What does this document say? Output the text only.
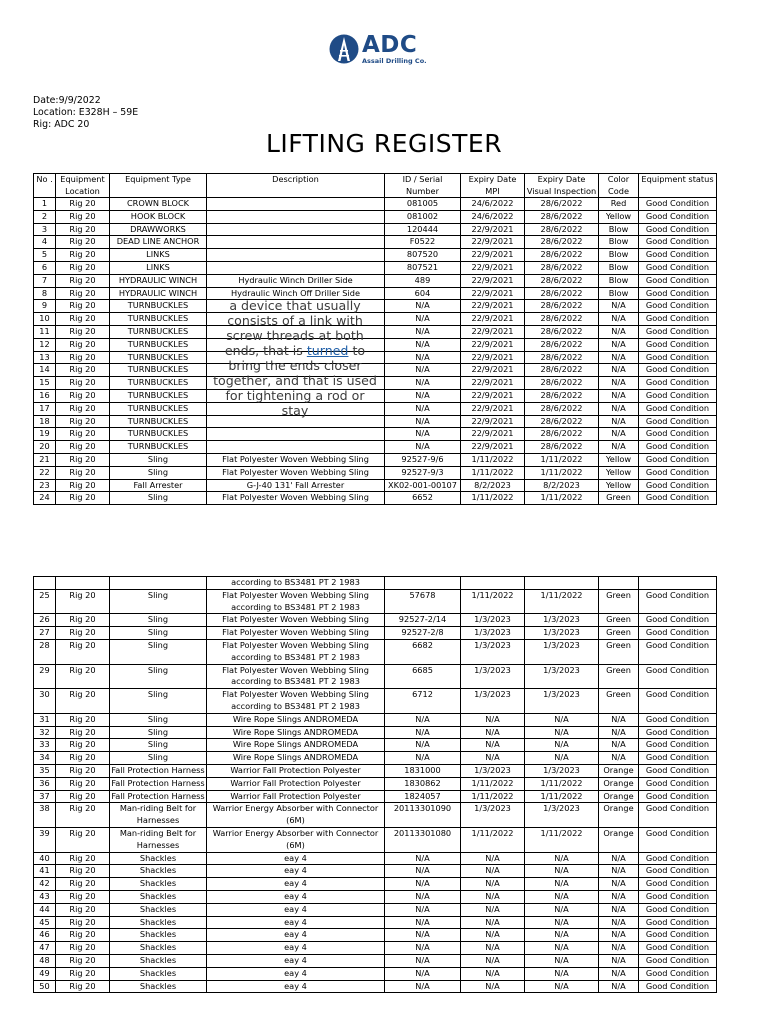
ADC
Assail Drilling Co.
Date:9/9/2022
Location: E328H – 59E
Rig: ADC 20
LIFTING REGISTER
No .	Equipment Location	Equipment Type	Description	ID / Serial Number	Expiry Date MPI	Expiry Date Visual Inspection	Color Code	Equipment status
1	Rig 20	CROWN BLOCK		081005	24/6/2022	28/6/2022	Red	Good Condition
2	Rig 20	HOOK BLOCK		081002	24/6/2022	28/6/2022	Yellow	Good Condition
3	Rig 20	DRAWWORKS		120444	22/9/2021	28/6/2022	Blow	Good Condition
4	Rig 20	DEAD LINE ANCHOR		F0522	22/9/2021	28/6/2022	Blow	Good Condition
5	Rig 20	LINKS		807520	22/9/2021	28/6/2022	Blow	Good Condition
6	Rig 20	LINKS		807521	22/9/2021	28/6/2022	Blow	Good Condition
7	Rig 20	HYDRAULIC WINCH	Hydraulic Winch Driller Side	489	22/9/2021	28/6/2022	Blow	Good Condition
8	Rig 20	HYDRAULIC WINCH	Hydraulic Winch Off Driller Side	604	22/9/2021	28/6/2022	Blow	Good Condition
9	Rig 20	TURNBUCKLES		N/A	22/9/2021	28/6/2022	N/A	Good Condition
10	Rig 20	TURNBUCKLES		N/A	22/9/2021	28/6/2022	N/A	Good Condition
11	Rig 20	TURNBUCKLES		N/A	22/9/2021	28/6/2022	N/A	Good Condition
12	Rig 20	TURNBUCKLES		N/A	22/9/2021	28/6/2022	N/A	Good Condition
13	Rig 20	TURNBUCKLES		N/A	22/9/2021	28/6/2022	N/A	Good Condition
14	Rig 20	TURNBUCKLES		N/A	22/9/2021	28/6/2022	N/A	Good Condition
15	Rig 20	TURNBUCKLES		N/A	22/9/2021	28/6/2022	N/A	Good Condition
16	Rig 20	TURNBUCKLES		N/A	22/9/2021	28/6/2022	N/A	Good Condition
17	Rig 20	TURNBUCKLES		N/A	22/9/2021	28/6/2022	N/A	Good Condition
18	Rig 20	TURNBUCKLES		N/A	22/9/2021	28/6/2022	N/A	Good Condition
19	Rig 20	TURNBUCKLES		N/A	22/9/2021	28/6/2022	N/A	Good Condition
20	Rig 20	TURNBUCKLES		N/A	22/9/2021	28/6/2022	N/A	Good Condition
21	Rig 20	Sling	Flat Polyester Woven Webbing Sling	92527-9/6	1/11/2022	1/11/2022	Yellow	Good Condition
22	Rig 20	Sling	Flat Polyester Woven Webbing Sling	92527-9/3	1/11/2022	1/11/2022	Yellow	Good Condition
23	Rig 20	Fall Arrester	G-J-40 131' Fall Arrester	XK02-001-00107	8/2/2023	8/2/2023	Yellow	Good Condition
24	Rig 20	Sling	Flat Polyester Woven Webbing Sling	6652	1/11/2022	1/11/2022	Green	Good Condition
a device that usually consists of a link with screw threads at both ends, that is turned to bring the ends closer together, and that is used for tightening a rod or stay
			according to BS3481 PT 2 1983					
25	Rig 20	Sling	Flat Polyester Woven Webbing Sling according to BS3481 PT 2 1983	57678	1/11/2022	1/11/2022	Green	Good Condition
26	Rig 20	Sling	Flat Polyester Woven Webbing Sling	92527-2/14	1/3/2023	1/3/2023	Green	Good Condition
27	Rig 20	Sling	Flat Polyester Woven Webbing Sling	92527-2/8	1/3/2023	1/3/2023	Green	Good Condition
28	Rig 20	Sling	Flat Polyester Woven Webbing Sling according to BS3481 PT 2 1983	6682	1/3/2023	1/3/2023	Green	Good Condition
29	Rig 20	Sling	Flat Polyester Woven Webbing Sling according to BS3481 PT 2 1983	6685	1/3/2023	1/3/2023	Green	Good Condition
30	Rig 20	Sling	Flat Polyester Woven Webbing Sling according to BS3481 PT 2 1983	6712	1/3/2023	1/3/2023	Green	Good Condition
31	Rig 20	Sling	Wire Rope Slings ANDROMEDA	N/A	N/A	N/A	N/A	Good Condition
32	Rig 20	Sling	Wire Rope Slings ANDROMEDA	N/A	N/A	N/A	N/A	Good Condition
33	Rig 20	Sling	Wire Rope Slings ANDROMEDA	N/A	N/A	N/A	N/A	Good Condition
34	Rig 20	Sling	Wire Rope Slings ANDROMEDA	N/A	N/A	N/A	N/A	Good Condition
35	Rig 20	Fall Protection Harness	Warrior Fall Protection Polyester	1831000	1/3/2023	1/3/2023	Orange	Good Condition
36	Rig 20	Fall Protection Harness	Warrior Fall Protection Polyester	1830862	1/11/2022	1/11/2022	Orange	Good Condition
37	Rig 20	Fall Protection Harness	Warrior Fall Protection Polyester	1824057	1/11/2022	1/11/2022	Orange	Good Condition
38	Rig 20	Man-riding Belt for Harnesses	Warrior Energy Absorber with Connector (6M)	20113301090	1/3/2023	1/3/2023	Orange	Good Condition
39	Rig 20	Man-riding Belt for Harnesses	Warrior Energy Absorber with Connector (6M)	20113301080	1/11/2022	1/11/2022	Orange	Good Condition
40	Rig 20	Shackles	eay 4	N/A	N/A	N/A	N/A	Good Condition
41	Rig 20	Shackles	eay 4	N/A	N/A	N/A	N/A	Good Condition
42	Rig 20	Shackles	eay 4	N/A	N/A	N/A	N/A	Good Condition
43	Rig 20	Shackles	eay 4	N/A	N/A	N/A	N/A	Good Condition
44	Rig 20	Shackles	eay 4	N/A	N/A	N/A	N/A	Good Condition
45	Rig 20	Shackles	eay 4	N/A	N/A	N/A	N/A	Good Condition
46	Rig 20	Shackles	eay 4	N/A	N/A	N/A	N/A	Good Condition
47	Rig 20	Shackles	eay 4	N/A	N/A	N/A	N/A	Good Condition
48	Rig 20	Shackles	eay 4	N/A	N/A	N/A	N/A	Good Condition
49	Rig 20	Shackles	eay 4	N/A	N/A	N/A	N/A	Good Condition
50	Rig 20	Shackles	eay 4	N/A	N/A	N/A	N/A	Good Condition
